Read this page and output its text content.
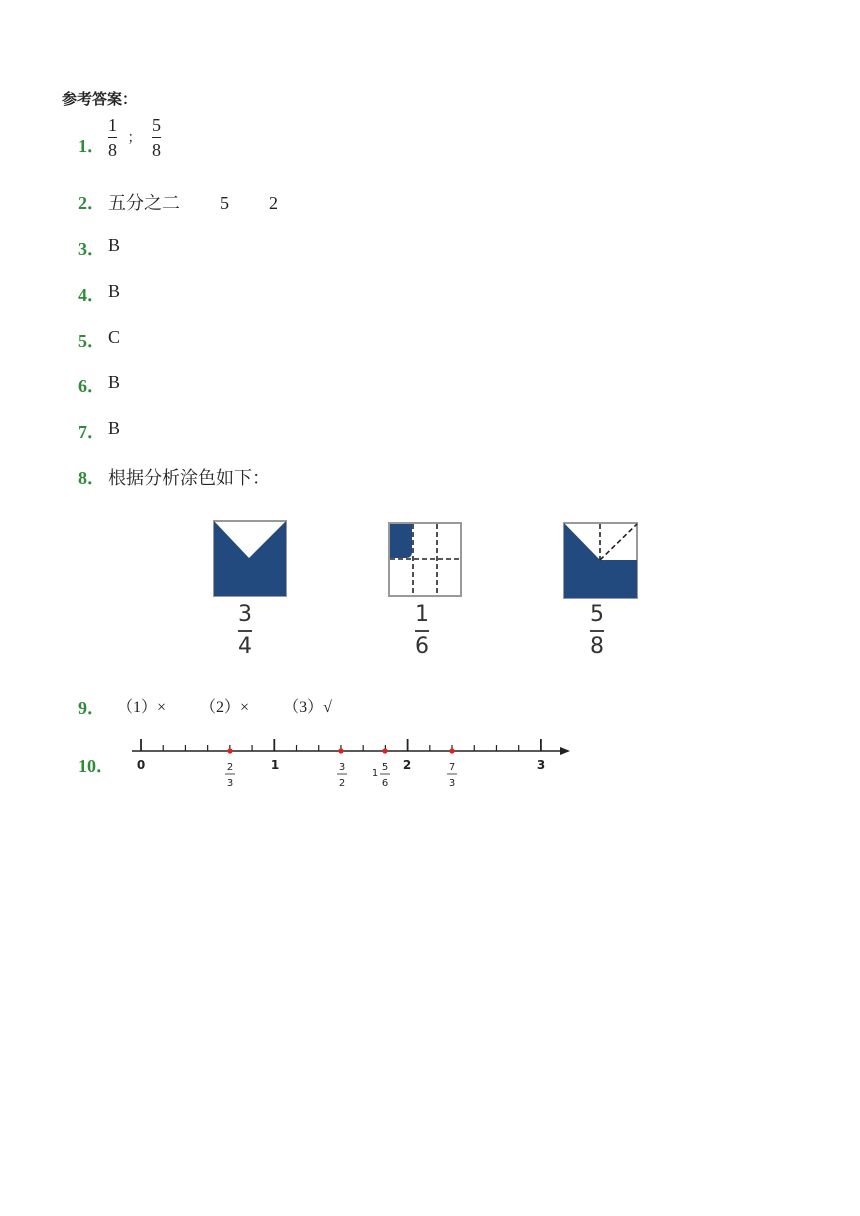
参考答案：
1． $\frac{1}{8}$ ； $\frac{5}{8}$
2． 五分之二 5 2
3． B
4． B
5． C
6． B
7． B
8． 根据分析涂色如下：
$\frac{3}{4}$	$\frac{1}{6}$	$\frac{5}{8}$
9． （1）× （2）× （3）√
10． 0	1	2	3
2
3
3
2
1
5
6
7
3
